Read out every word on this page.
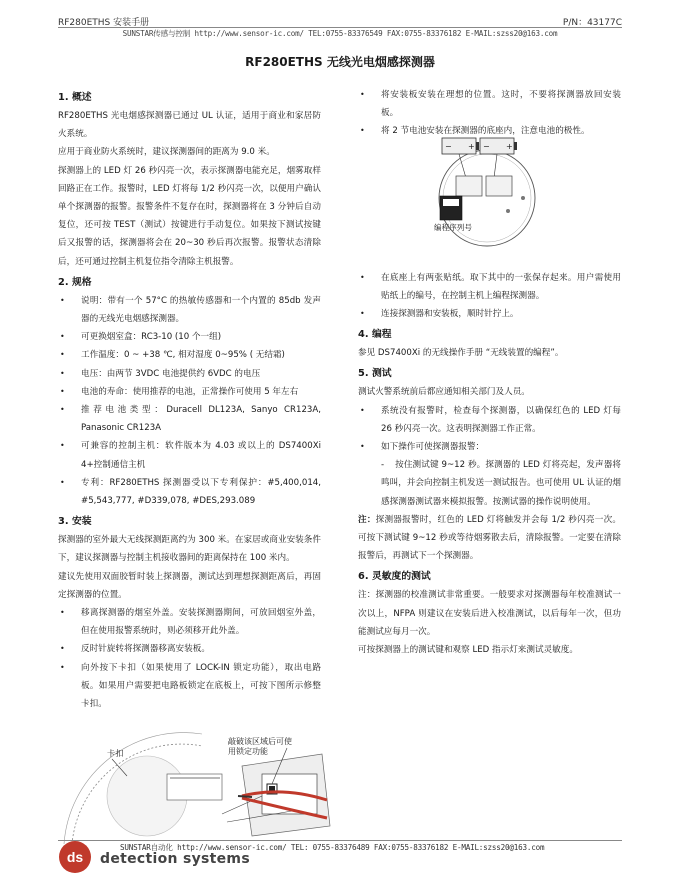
RF280ETHS 安装手册	P/N：43177C
SUNSTAR传感与控制 http://www.sensor-ic.com/ TEL:0755-83376549 FAX:0755-83376182 E-MAIL:szss20@163.com
RF280ETHS 无线光电烟感探测器
1. 概述

RF280ETHS 光电烟感探测器已通过 UL 认证，适用于商业和家居防火系统。

应用于商业防火系统时，建议探测器间的距离为 9.0 米。

探测器上的 LED 灯 26 秒闪亮一次，表示探测器电能充足，烟雾取样回路正在工作。报警时，LED 灯将每 1/2 秒闪亮一次，以便用户确认单个探测器的报警。报警条件不复存在时，探测器将在 3 分钟后自动复位，还可按 TEST（测试）按键进行手动复位。如果按下测试按键后又报警的话，探测器将会在 20~30 秒后再次报警。报警状态清除后，还可通过控制主机复位指令清除主机报警。

2. 规格
• 说明：带有一个 57°C 的热敏传感器和一个内置的 85db 发声器的无线光电烟感探测器。
• 可更换烟室盒：RC3-10 (10 个一组)
• 工作温度：0 ~ +38 ℃, 相对湿度 0~95% ( 无结霜)
• 电压：由两节 3VDC 电池提供约 6VDC 的电压
• 电池的寿命：使用推荐的电池，正常操作可使用 5 年左右
• 推荐电池类型：Duracell DL123A, Sanyo CR123A, Panasonic CR123A
• 可兼容的控制主机：软件版本为 4.03 或以上的 DS7400Xi 4+控制通信主机
• 专利：RF280ETHS 探测器受以下专利保护：#5,400,014, #5,543,777, #D339,078, #DES,293.089
3. 安装

探测器的室外最大无线探测距离约为 300 米。在家居或商业安装条件下，建议探测器与控制主机接收器间的距离保持在 100 米内。

建议先使用双面胶暂时装上探测器，测试达到理想探测距离后，再固定探测器的位置。

• 移离探测器的烟室外盖。安装探测器期间，可放回烟室外盖，但在使用报警系统时，则必须移开此外盖。
• 反时针旋转将探测器移离安装板。
• 向外按下卡扣（如果使用了 LOCK-IN 锁定功能），取出电路板。如果用户需要把电路板锁定在底板上，可按下图所示修整卡扣。
卡扣
敲破该区域后可使用锁定功能
• 将安装板安装在理想的位置。这时，不要将探测器放回安装板。
• 将 2 节电池安装在探测器的底座内，注意电池的极性。
• 在底座上有两张贴纸。取下其中的一张保存起来。用户需使用贴纸上的编号，在控制主机上编程探测器。
• 连接探测器和安装板，顺时针拧上。
4. 编程

参见 DS7400Xi 的无线操作手册 “无线装置的编程”。

5. 测试

测试火警系统前后都应通知相关部门及人员。

• 系统没有报警时，检查每个探测器，以确保红色的 LED 灯每 26 秒闪亮一次。这表明探测器工作正常。
• 如下操作可使探测器报警：
- 按住测试键 9~12 秒。探测器的 LED 灯将亮起，发声器将鸣叫，并会向控制主机发送一测试报告。也可使用 UL 认证的烟感探测器测试器来模拟报警。按测试器的操作说明使用。

注：探测器报警时，红色的 LED 灯将触发并会每 1/2 秒闪亮一次。可按下测试键 9~12 秒或等待烟雾散去后，清除报警。一定要在清除报警后，再测试下一个探测器。

6. 灵敏度的测试

注：探测器的校准测试非常重要。一般要求对探测器每年校准测试一次以上，NFPA 则建议在安装后进入校准测试，以后每年一次，但功能测试应每月一次。

可按探测器上的测试键和观察 LED 指示灯来测试灵敏度。

− + − +
编程序列号
ds
SUNSTAR自动化 http://www.sensor-ic.com/ TEL: 0755-83376489 FAX:0755-83376182 E-MAIL:szss20@163.com
detection systems
